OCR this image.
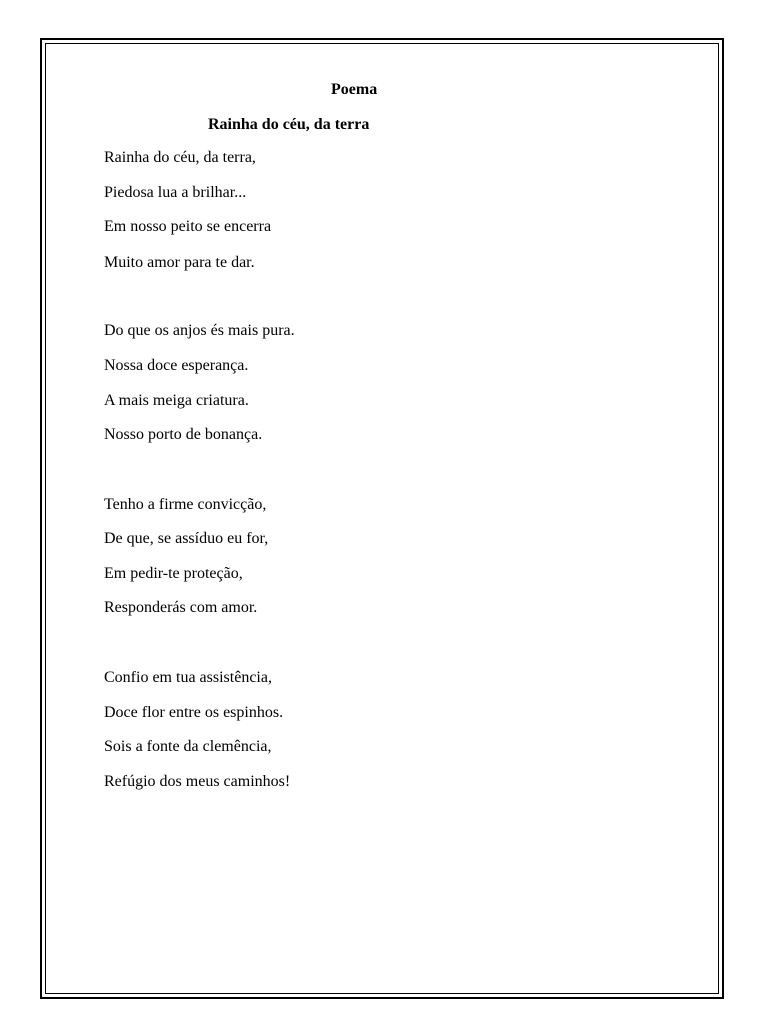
Poema
Rainha do céu, da terra
Rainha do céu, da terra,
Piedosa lua a brilhar...
Em nosso peito se encerra
Muito amor para te dar.
Do que os anjos és mais pura.
Nossa doce esperança.
A mais meiga criatura.
Nosso porto de bonança.
Tenho a firme convicção,
De que, se assíduo eu for,
Em pedir-te proteção,
Responderás com amor.
Confio em tua assistência,
Doce flor entre os espinhos.
Sois a fonte da clemência,
Refúgio dos meus caminhos!
